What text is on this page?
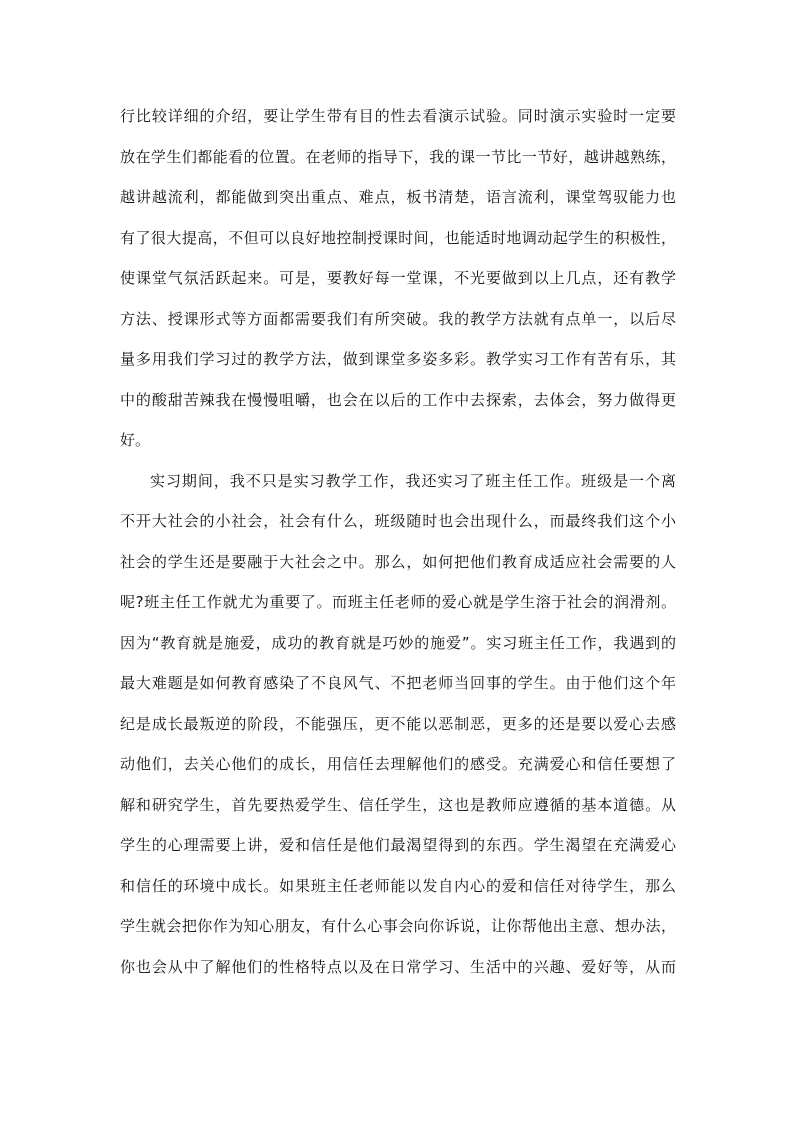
行比较详细的介绍，要让学生带有目的性去看演示试验。同时演示实验时一定要
放在学生们都能看的位置。在老师的指导下，我的课一节比一节好，越讲越熟练，
越讲越流利，都能做到突出重点、难点，板书清楚，语言流利，课堂驾驭能力也
有了很大提高，不但可以良好地控制授课时间，也能适时地调动起学生的积极性，
使课堂气氛活跃起来。可是，要教好每一堂课，不光要做到以上几点，还有教学
方法、授课形式等方面都需要我们有所突破。我的教学方法就有点单一，以后尽
量多用我们学习过的教学方法，做到课堂多姿多彩。教学实习工作有苦有乐，其
中的酸甜苦辣我在慢慢咀嚼，也会在以后的工作中去探索，去体会，努力做得更
好。
实习期间，我不只是实习教学工作，我还实习了班主任工作。班级是一个离
不开大社会的小社会，社会有什么，班级随时也会出现什么，而最终我们这个小
社会的学生还是要融于大社会之中。那么，如何把他们教育成适应社会需要的人
呢?班主任工作就尤为重要了。而班主任老师的爱心就是学生溶于社会的润滑剂。
因为“教育就是施爱，成功的教育就是巧妙的施爱”。实习班主任工作，我遇到的
最大难题是如何教育感染了不良风气、不把老师当回事的学生。由于他们这个年
纪是成长最叛逆的阶段，不能强压，更不能以恶制恶，更多的还是要以爱心去感
动他们，去关心他们的成长，用信任去理解他们的感受。充满爱心和信任要想了
解和研究学生，首先要热爱学生、信任学生，这也是教师应遵循的基本道德。从
学生的心理需要上讲，爱和信任是他们最渴望得到的东西。学生渴望在充满爱心
和信任的环境中成长。如果班主任老师能以发自内心的爱和信任对待学生，那么
学生就会把你作为知心朋友，有什么心事会向你诉说，让你帮他出主意、想办法，
你也会从中了解他们的性格特点以及在日常学习、生活中的兴趣、爱好等，从而
